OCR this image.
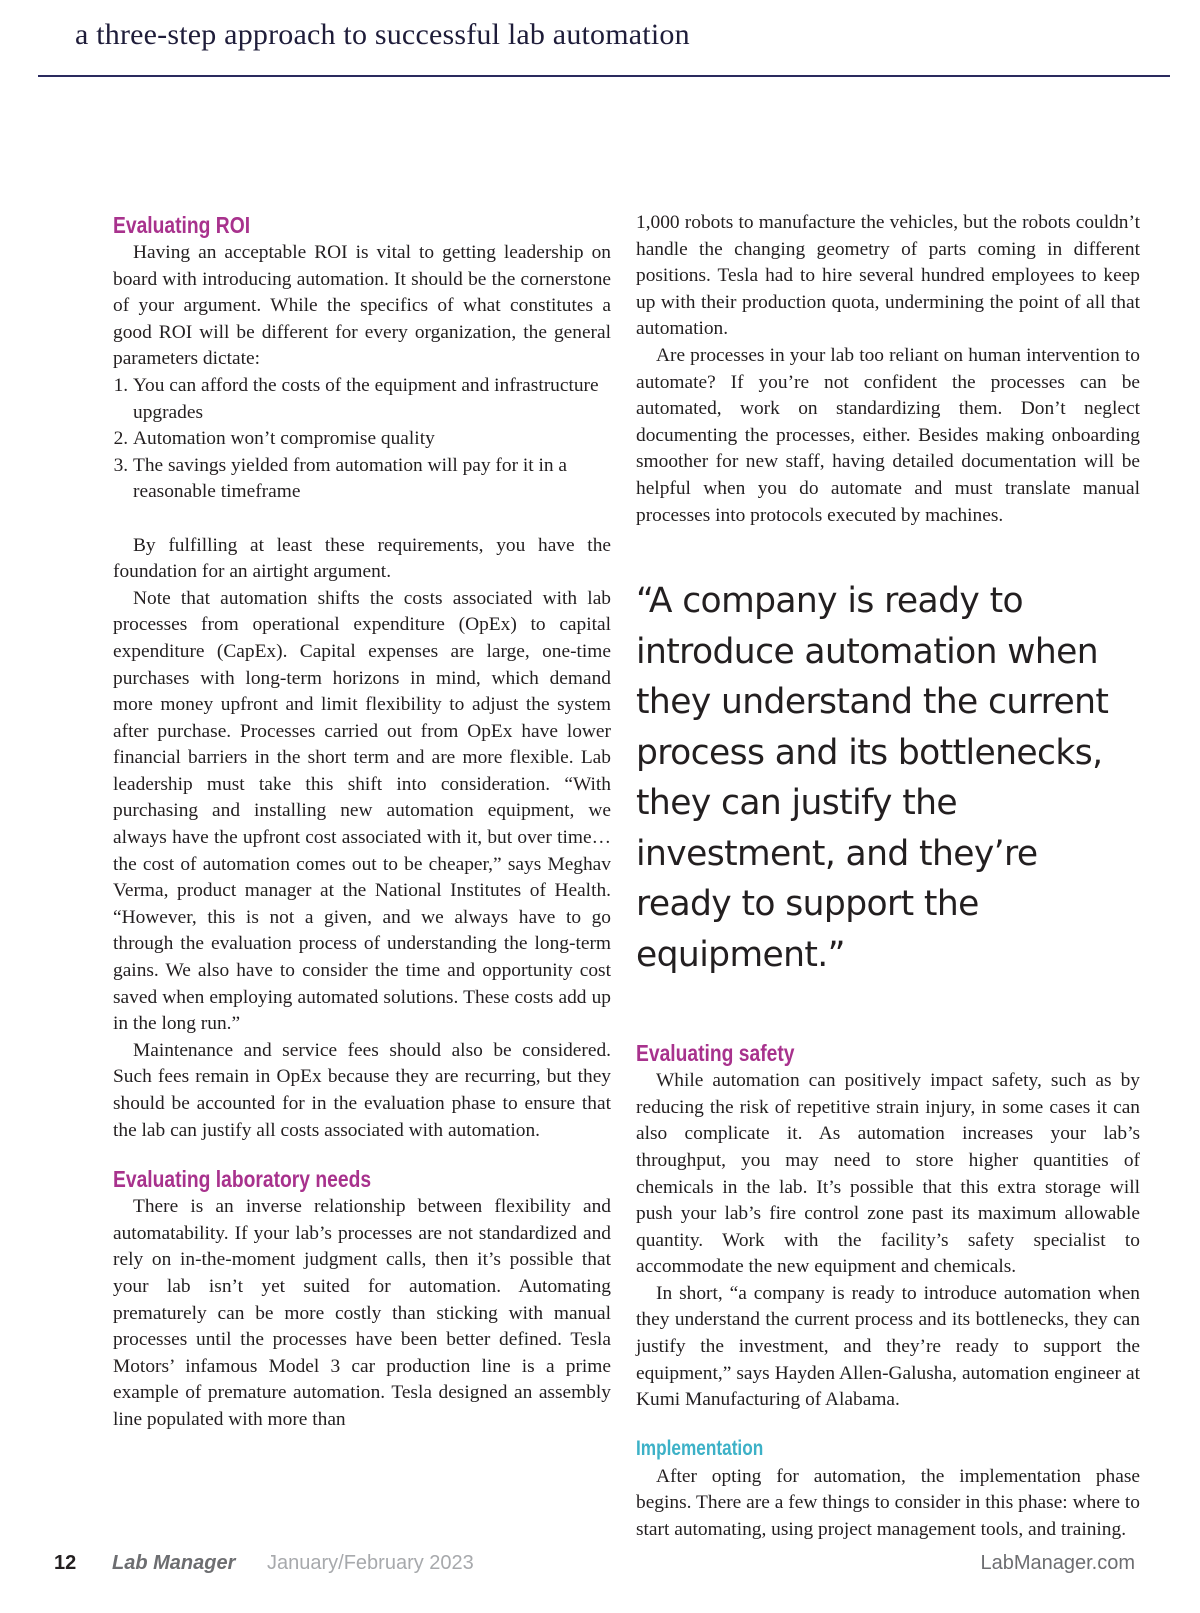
a three-step approach to successful lab automation
Evaluating ROI

Having an acceptable ROI is vital to getting leadership on board with introducing automation. It should be the cornerstone of your argument. While the specifics of what constitutes a good ROI will be different for every organization, the general parameters dictate:

1. You can afford the costs of the equipment and infrastructure upgrades
2. Automation won’t compromise quality
3. The savings yielded from automation will pay for it in a reasonable timeframe

By fulfilling at least these requirements, you have the foundation for an airtight argument.

Note that automation shifts the costs associated with lab processes from operational expenditure (OpEx) to capital expenditure (CapEx). Capital expenses are large, one-time purchases with long-term horizons in mind, which demand more money upfront and limit flexibility to adjust the system after purchase. Processes carried out from OpEx have lower financial barriers in the short term and are more flexible. Lab leadership must take this shift into consideration. “With purchasing and installing new automation equipment, we always have the upfront cost associated with it, but over time…the cost of automation comes out to be cheaper,” says Meghav Verma, product manager at the National Institutes of Health. “However, this is not a given, and we always have to go through the evaluation process of understanding the long-term gains. We also have to consider the time and opportunity cost saved when employing automated solutions. These costs add up in the long run.”

Maintenance and service fees should also be considered. Such fees remain in OpEx because they are recurring, but they should be accounted for in the evaluation phase to ensure that the lab can justify all costs associated with automation.

Evaluating laboratory needs

There is an inverse relationship between flexibility and automatability. If your lab’s processes are not standardized and rely on in-the-moment judgment calls, then it’s possible that your lab isn’t yet suited for automation. Automating prematurely can be more costly than sticking with manual processes until the processes have been better defined. Tesla Motors’ infamous Model 3 car production line is a prime example of premature automation. Tesla designed an assembly line populated with more than

1,000 robots to manufacture the vehicles, but the robots couldn’t handle the changing geometry of parts coming in different positions. Tesla had to hire several hundred employees to keep up with their production quota, undermining the point of all that automation.

Are processes in your lab too reliant on human intervention to automate? If you’re not confident the processes can be automated, work on standardizing them. Don’t neglect documenting the processes, either. Besides making onboarding smoother for new staff, having detailed documentation will be helpful when you do automate and must translate manual processes into protocols executed by machines.

“A company is ready to introduce automation when they understand the current process and its bottlenecks, they can justify the investment, and they’re ready to support the equipment.”
Evaluating safety

While automation can positively impact safety, such as by reducing the risk of repetitive strain injury, in some cases it can also complicate it. As automation increases your lab’s throughput, you may need to store higher quantities of chemicals in the lab. It’s possible that this extra storage will push your lab’s fire control zone past its maximum allowable quantity. Work with the facility’s safety specialist to accommodate the new equipment and chemicals.

In short, “a company is ready to introduce automation when they understand the current process and its bottlenecks, they can justify the investment, and they’re ready to support the equipment,” says Hayden Allen-Galusha, automation engineer at Kumi Manufacturing of Alabama.

Implementation

After opting for automation, the implementation phase begins. There are a few things to consider in this phase: where to start automating, using project management tools, and training.

12 Lab Manager January/February 2023	LabManager.com
